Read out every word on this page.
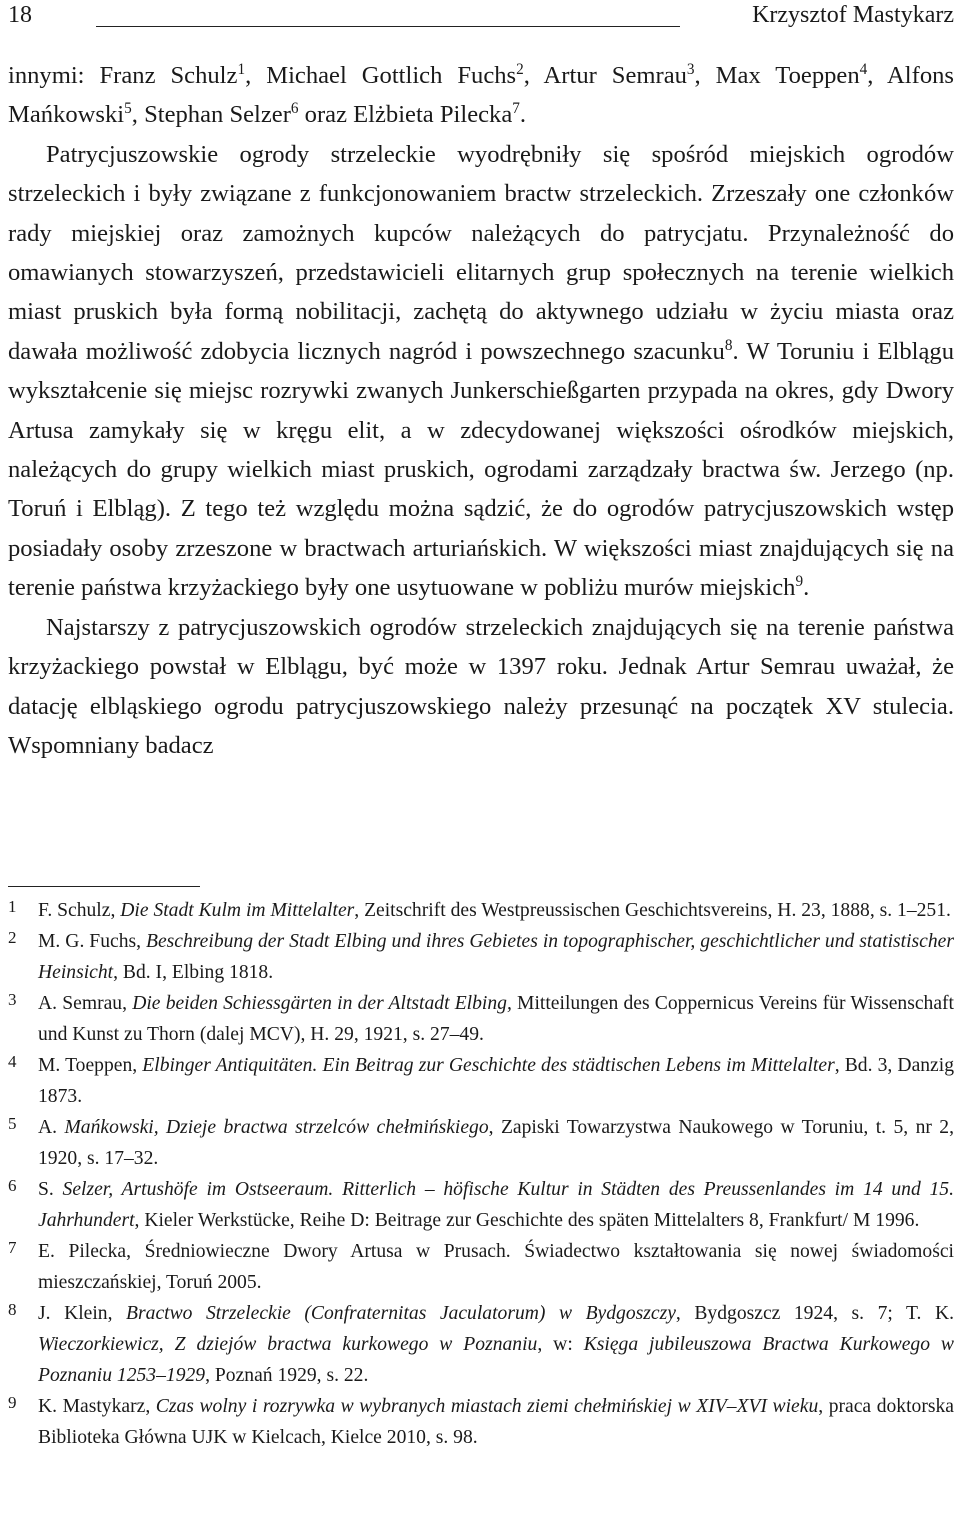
18	Krzysztof Mastykarz

innymi: Franz Schulz$^1$, Michael Gottlich Fuchs$^2$, Artur Semrau$^3$, Max Toeppen$^4$, Alfons Mańkowski$^5$, Stephan Selzer$^6$ oraz Elżbieta Pilecka$^7$.

Patrycjuszowskie ogrody strzeleckie wyodrębniły się spośród miejskich ogrodów strzeleckich i były związane z funkcjonowaniem bractw strzeleckich. Zrzeszały one członków rady miejskiej oraz zamożnych kupców należących do patrycjatu. Przynależność do omawianych stowarzyszeń, przedstawicieli elitarnych grup społecznych na terenie wielkich miast pruskich była formą nobilitacji, zachętą do aktywnego udziału w życiu miasta oraz dawała możliwość zdobycia licznych nagród i powszechnego szacunku$^8$. W Toruniu i Elblągu wykształcenie się miejsc rozrywki zwanych Junkerschießgarten przypada na okres, gdy Dwory Artusa zamykały się w kręgu elit, a w zdecydowanej większości ośrodków miejskich, należących do grupy wielkich miast pruskich, ogrodami zarządzały bractwa św. Jerzego (np. Toruń i Elbląg). Z tego też względu można sądzić, że do ogrodów patrycjuszowskich wstęp posiadały osoby zrzeszone w bractwach arturiańskich. W większości miast znajdujących się na terenie państwa krzyżackiego były one usytuowane w pobliżu murów miejskich$^9$.

Najstarszy z patrycjuszowskich ogrodów strzeleckich znajdujących się na terenie państwa krzyżackiego powstał w Elblągu, być może w 1397 roku. Jednak Artur Semrau uważał, że datację elbląskiego ogrodu patrycjuszowskiego należy przesunąć na początek XV stulecia. Wspomniany badacz

1 F. Schulz, Die Stadt Kulm im Mittelalter, Zeitschrift des Westpreussischen Geschichtsvereins, H. 23, 1888, s. 1–251.
2 M. G. Fuchs, Beschreibung der Stadt Elbing und ihres Gebietes in topographischer, geschichtlicher und statistischer Heinsicht, Bd. I, Elbing 1818.
3 A. Semrau, Die beiden Schiessgärten in der Altstadt Elbing, Mitteilungen des Coppernicus Vereins für Wissenschaft und Kunst zu Thorn (dalej MCV), H. 29, 1921, s. 27–49.
4 M. Toeppen, Elbinger Antiquitäten. Ein Beitrag zur Geschichte des städtischen Lebens im Mittelalter, Bd. 3, Danzig 1873.
5 A. Mańkowski, Dzieje bractwa strzelców chełmińskiego, Zapiski Towarzystwa Naukowego w Toruniu, t. 5, nr 2, 1920, s. 17–32.
6 S. Selzer, Artushöfe im Ostseeraum. Ritterlich – höfische Kultur in Städten des Preussenlandes im 14 und 15. Jahrhundert, Kieler Werkstücke, Reihe D: Beitrage zur Geschichte des späten Mittelalters 8, Frankfurt/ M 1996.
7 E. Pilecka, Średniowieczne Dwory Artusa w Prusach. Świadectwo kształtowania się nowej świadomości mieszczańskiej, Toruń 2005.
8 J. Klein, Bractwo Strzeleckie (Confraternitas Jaculatorum) w Bydgoszczy, Bydgoszcz 1924, s. 7; T. K. Wieczorkiewicz, Z dziejów bractwa kurkowego w Poznaniu, w: Księga jubileuszowa Bractwa Kurkowego w Poznaniu 1253–1929, Poznań 1929, s. 22.
9 K. Mastykarz, Czas wolny i rozrywka w wybranych miastach ziemi chełmińskiej w XIV–XVI wieku, praca doktorska Biblioteka Główna UJK w Kielcach, Kielce 2010, s. 98.
